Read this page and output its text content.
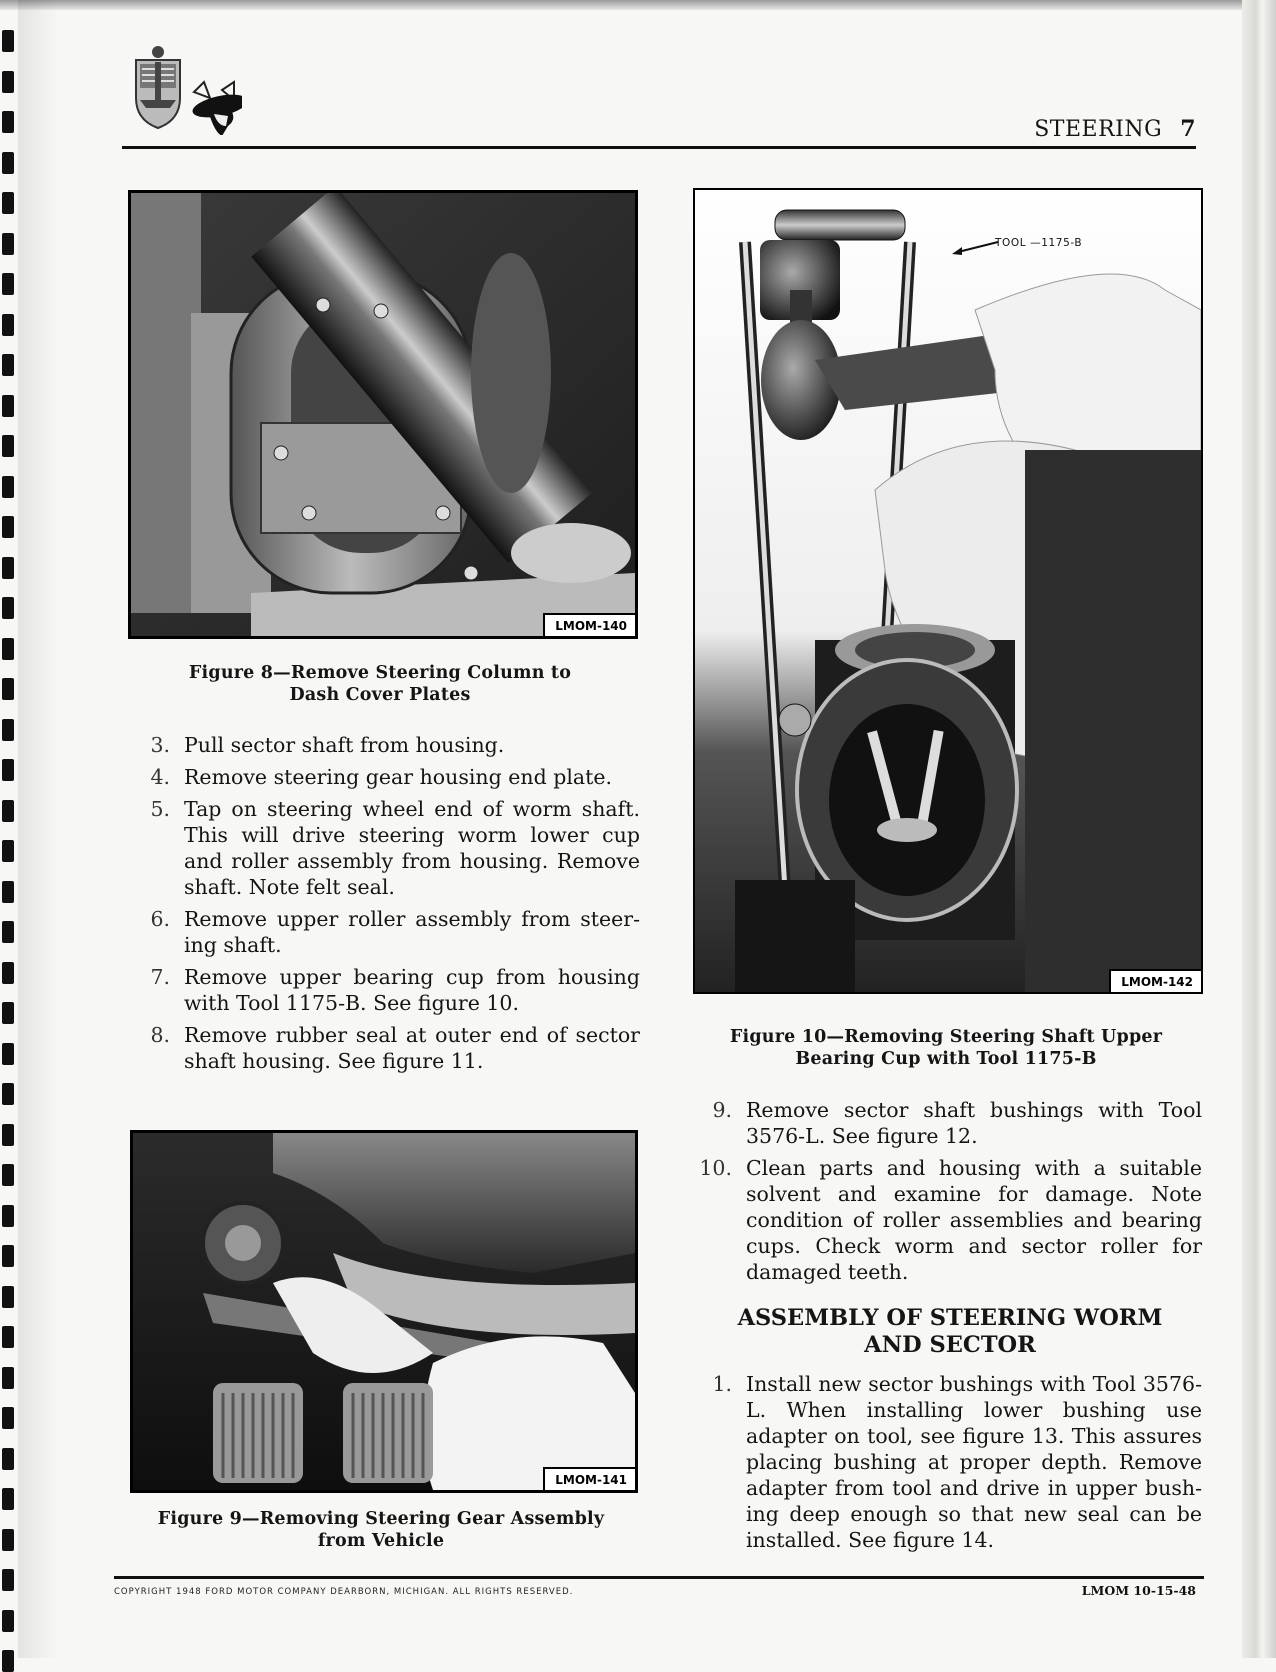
STEERING 7
LMOM-140
Figure 8—Remove Steering Column to
Dash Cover Plates
3. Pull sector shaft from housing.
4. Remove steering gear housing end plate.
5. Tap on steering wheel end of worm shaft. This will drive steering worm lower cup and roller assembly from housing. Remove shaft. Note felt seal.
6. Remove upper roller assembly from steer-ing shaft.
7. Remove upper bearing cup from housing with Tool 1175-B. See figure 10.
8. Remove rubber seal at outer end of sector shaft housing. See figure 11.
LMOM-142
TOOL —1175-B
Figure 10—Removing Steering Shaft Upper
Bearing Cup with Tool 1175-B
9. Remove sector shaft bushings with Tool 3576-L. See figure 12.
10. Clean parts and housing with a suitable solvent and examine for damage. Note condition of roller assemblies and bearing cups. Check worm and sector roller for damaged teeth.
ASSEMBLY OF STEERING WORM
AND SECTOR
1. Install new sector bushings with Tool 3576-L. When installing lower bushing use adapter on tool, see figure 13. This assures placing bushing at proper depth. Remove adapter from tool and drive in upper bush-ing deep enough so that new seal can be installed. See figure 14.
LMOM-141
Figure 9—Removing Steering Gear Assembly
from Vehicle
COPYRIGHT 1948 FORD MOTOR COMPANY DEARBORN, MICHIGAN. ALL RIGHTS RESERVED.	LMOM 10-15-48
